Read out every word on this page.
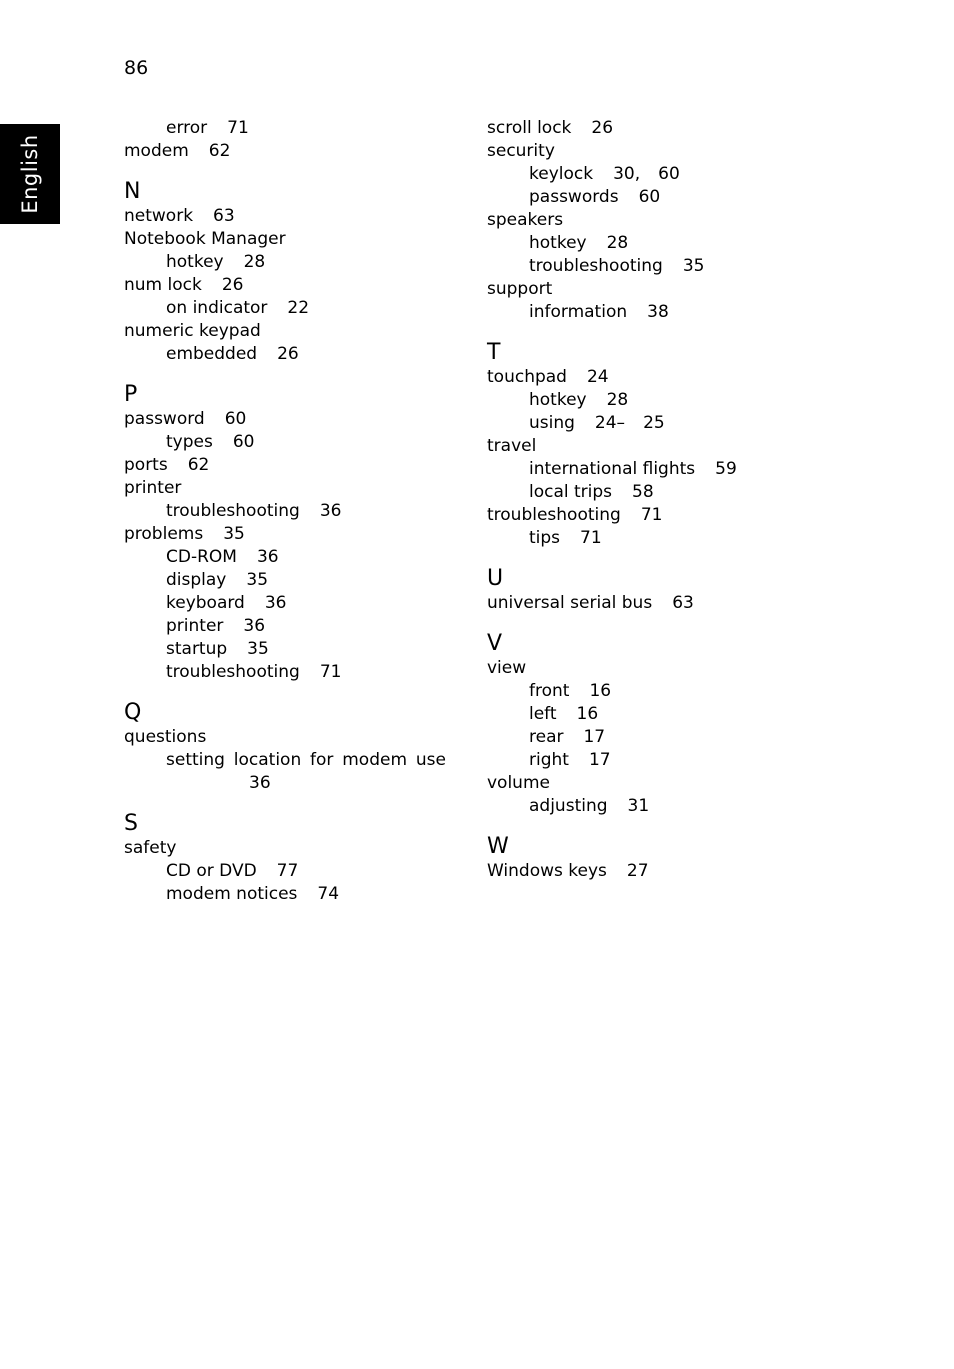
86
English
error 71
modem 62
N
network 63
Notebook Manager
hotkey 28
num lock 26
on indicator 22
numeric keypad
embedded 26
P
password 60
types 60
ports 62
printer
troubleshooting 36
problems 35
CD-ROM 36
display 35
keyboard 36
printer 36
startup 35
troubleshooting 71
Q
questions
setting location for modem use
36
S
safety
CD or DVD 77
modem notices 74
scroll lock 26
security
keylock 30, 60
passwords 60
speakers
hotkey 28
troubleshooting 35
support
information 38
T
touchpad 24
hotkey 28
using 24– 25
travel
international flights 59
local trips 58
troubleshooting 71
tips 71
U
universal serial bus 63
V
view
front 16
left 16
rear 17
right 17
volume
adjusting 31
W
Windows keys 27
